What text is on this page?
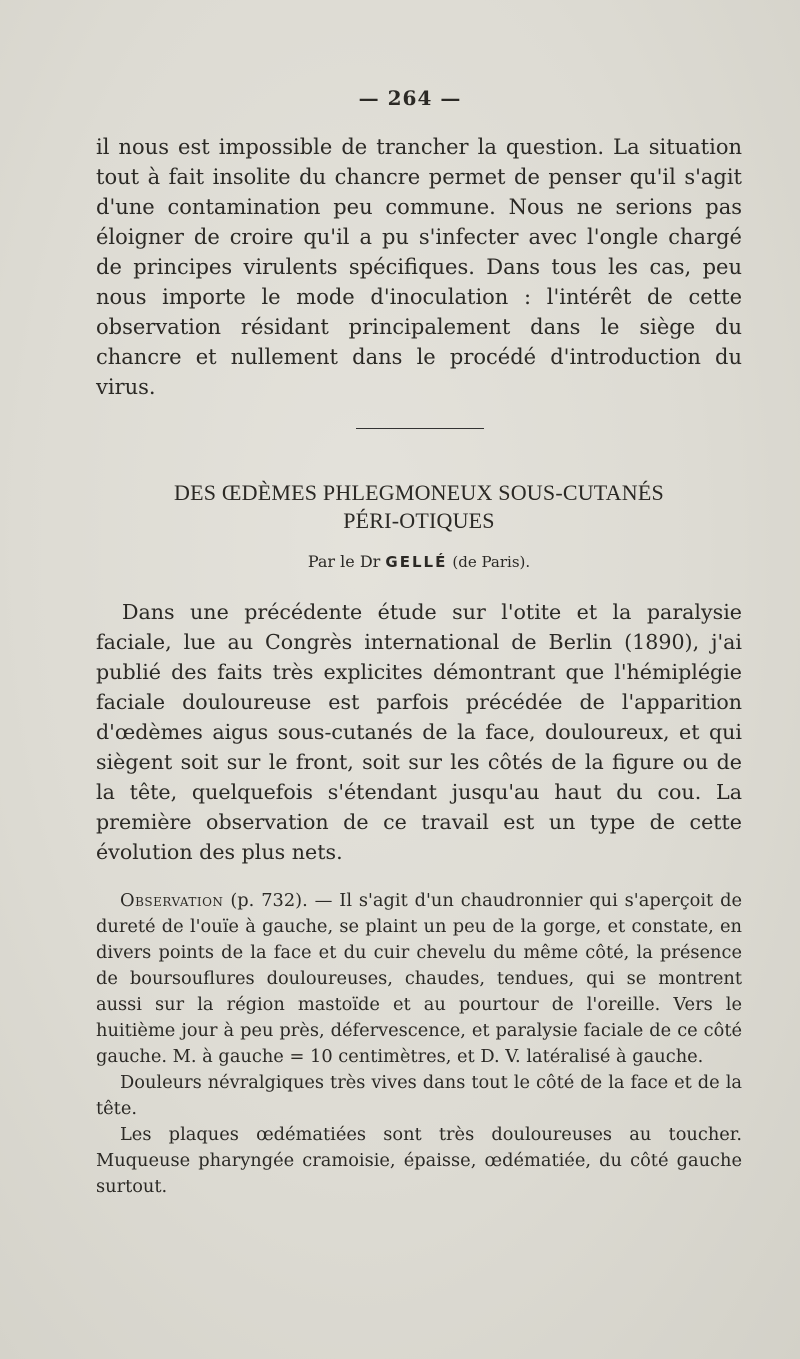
— 264 —

il nous est impossible de trancher la question. La situation tout à fait insolite du chancre permet de penser qu'il s'agit d'une contamination peu commune. Nous ne serions pas éloigner de croire qu'il a pu s'infecter avec l'ongle chargé de principes virulents spécifiques. Dans tous les cas, peu nous importe le mode d'inoculation : l'intérêt de cette observation résidant principalement dans le siège du chancre et nullement dans le procédé d'introduction du virus.

DES ŒDÈMES PHLEGMONEUX SOUS-CUTANÉS
PÉRI-OTIQUES
Par le Dr GELLÉ (de Paris).

Dans une précédente étude sur l'otite et la paralysie faciale, lue au Congrès international de Berlin (1890), j'ai publié des faits très explicites démontrant que l'hémiplégie faciale douloureuse est parfois précédée de l'apparition d'œdèmes aigus sous-cutanés de la face, douloureux, et qui siègent soit sur le front, soit sur les côtés de la figure ou de la tête, quelquefois s'étendant jusqu'au haut du cou. La première observation de ce travail est un type de cette évolution des plus nets.

Observation (p. 732). — Il s'agit d'un chaudronnier qui s'aperçoit de dureté de l'ouïe à gauche, se plaint un peu de la gorge, et constate, en divers points de la face et du cuir chevelu du même côté, la présence de boursouflures douloureuses, chaudes, tendues, qui se montrent aussi sur la région mastoïde et au pourtour de l'oreille. Vers le huitième jour à peu près, défervescence, et paralysie faciale de ce côté gauche. M. à gauche = 10 centimètres, et D. V. latéralisé à gauche.

Douleurs névralgiques très vives dans tout le côté de la face et de la tête.

Les plaques œdématiées sont très douloureuses au toucher. Muqueuse pharyngée cramoisie, épaisse, œdématiée, du côté gauche surtout.
